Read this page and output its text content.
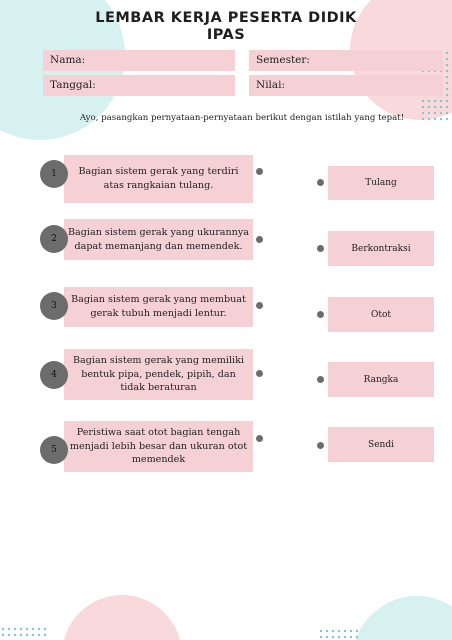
LEMBAR KERJA PESERTA DIDIK
IPAS
Nama:	Semester:
Tanggal:	Nilai:
Ayo, pasangkan pernyataan-pernyataan berikut dengan istilah yang tepat!
Bagian sistem gerak yang terdiri atas rangkaian tulang.
1
Bagian sistem gerak yang ukurannya dapat memanjang dan memendek.
2
Bagian sistem gerak yang membuat gerak tubuh menjadi lentur.
3
Bagian sistem gerak yang memiliki bentuk pipa, pendek, pipih, dan tidak beraturan
4
Peristiwa saat otot bagian tengah menjadi lebih besar dan ukuran otot memendek
5
Tulang
Berkontraksi
Otot
Rangka
Sendi
